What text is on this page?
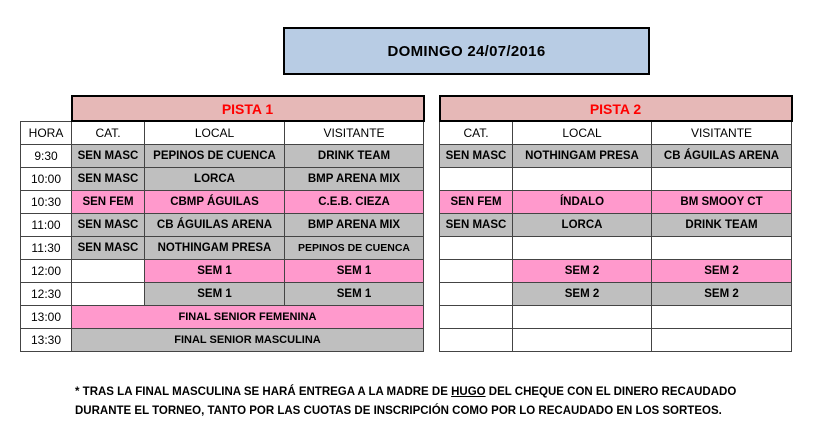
DOMINGO 24/07/2016
	PISTA 1				PISTA 2		
HORA	CAT.	LOCAL	VISITANTE		CAT.	LOCAL	VISITANTE
9:30	SEN MASC	PEPINOS DE CUENCA	DRINK TEAM		SEN MASC	NOTHINGAM PRESA	CB ÁGUILAS ARENA
10:00	SEN MASC	LORCA	BMP ARENA MIX				
10:30	SEN FEM	CBMP ÁGUILAS	C.E.B. CIEZA		SEN FEM	ÍNDALO	BM SMOOY CT
11:00	SEN MASC	CB ÁGUILAS ARENA	BMP ARENA MIX		SEN MASC	LORCA	DRINK TEAM
11:30	SEN MASC	NOTHINGAM PRESA	PEPINOS DE CUENCA				
12:00		SEM 1	SEM 1			SEM 2	SEM 2
12:30		SEM 1	SEM 1			SEM 2	SEM 2
13:00	FINAL SENIOR FEMENINA						
13:30	FINAL SENIOR MASCULINA						
* TRAS LA FINAL MASCULINA SE HARÁ ENTREGA A LA MADRE DE HUGO DEL CHEQUE CON EL DINERO RECAUDADO
DURANTE EL TORNEO, TANTO POR LAS CUOTAS DE INSCRIPCIÓN COMO POR LO RECAUDADO EN LOS SORTEOS.
